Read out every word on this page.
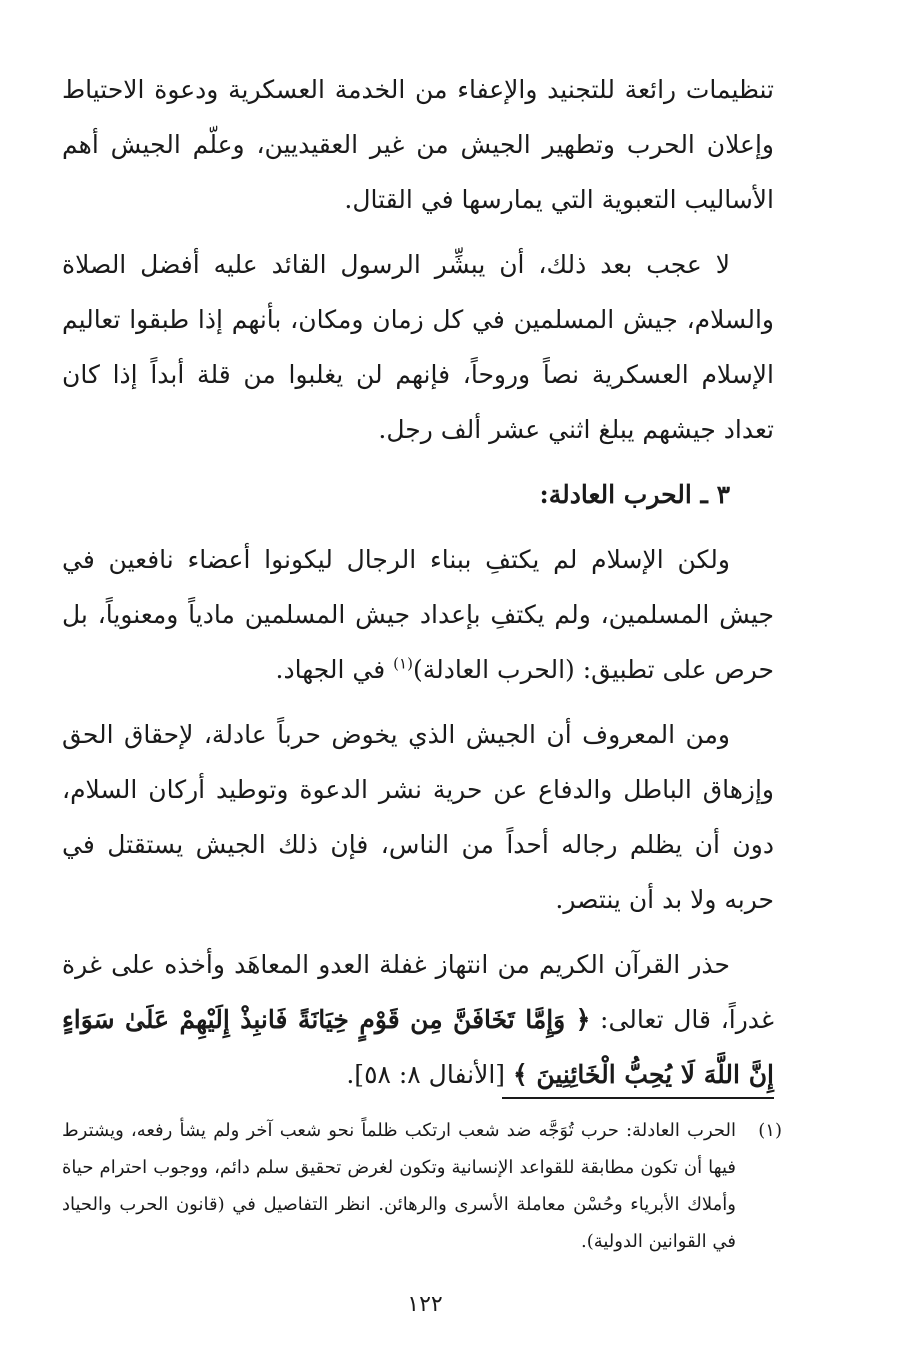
تنظيمات رائعة للتجنيد والإعفاء من الخدمة العسكرية ودعوة الاحتياط وإعلان الحرب وتطهير الجيش من غير العقيديين، وعلّم الجيش أهم الأساليب التعبوية التي يمارسها في القتال.

لا عجب بعد ذلك، أن يبشِّر الرسول القائد عليه أفضل الصلاة والسلام، جيش المسلمين في كل زمان ومكان، بأنهم إذا طبقوا تعاليم الإسلام العسكرية نصاً وروحاً، فإنهم لن يغلبوا من قلة أبداً إذا كان تعداد جيشهم يبلغ اثني عشر ألف رجل.

٣ ـ الحرب العادلة:

ولكن الإسلام لم يكتفِ ببناء الرجال ليكونوا أعضاء نافعين في جيش المسلمين، ولم يكتفِ بإعداد جيش المسلمين مادياً ومعنوياً، بل حرص على تطبيق: (الحرب العادلة)$^{(١)}$ في الجهاد.

ومن المعروف أن الجيش الذي يخوض حرباً عادلة، لإحقاق الحق وإزهاق الباطل والدفاع عن حرية نشر الدعوة وتوطيد أركان السلام، دون أن يظلم رجاله أحداً من الناس، فإن ذلك الجيش يستقتل في حربه ولا بد أن ينتصر.

حذر القرآن الكريم من انتهاز غفلة العدو المعاهَد وأخذه على غرة غدراً، قال تعالى: ﴿ وَإِمَّا تَخَافَنَّ مِن قَوْمٍ خِيَانَةً فَانبِذْ إِلَيْهِمْ عَلَىٰ سَوَاءٍ إِنَّ اللَّهَ لَا يُحِبُّ الْخَائِنِينَ ﴾ [الأنفال ٨: ٥٨].

(١)
الحرب العادلة: حرب تُوَجَّه ضد شعب ارتكب ظلماً نحو شعب آخر ولم يشأ رفعه، ويشترط فيها أن تكون مطابقة للقواعد الإنسانية وتكون لغرض تحقيق سلم دائم، ووجوب احترام حياة وأملاك الأبرياء وحُسْن معاملة الأسرى والرهائن. انظر التفاصيل في (قانون الحرب والحياد في القوانين الدولية).
١٢٢
